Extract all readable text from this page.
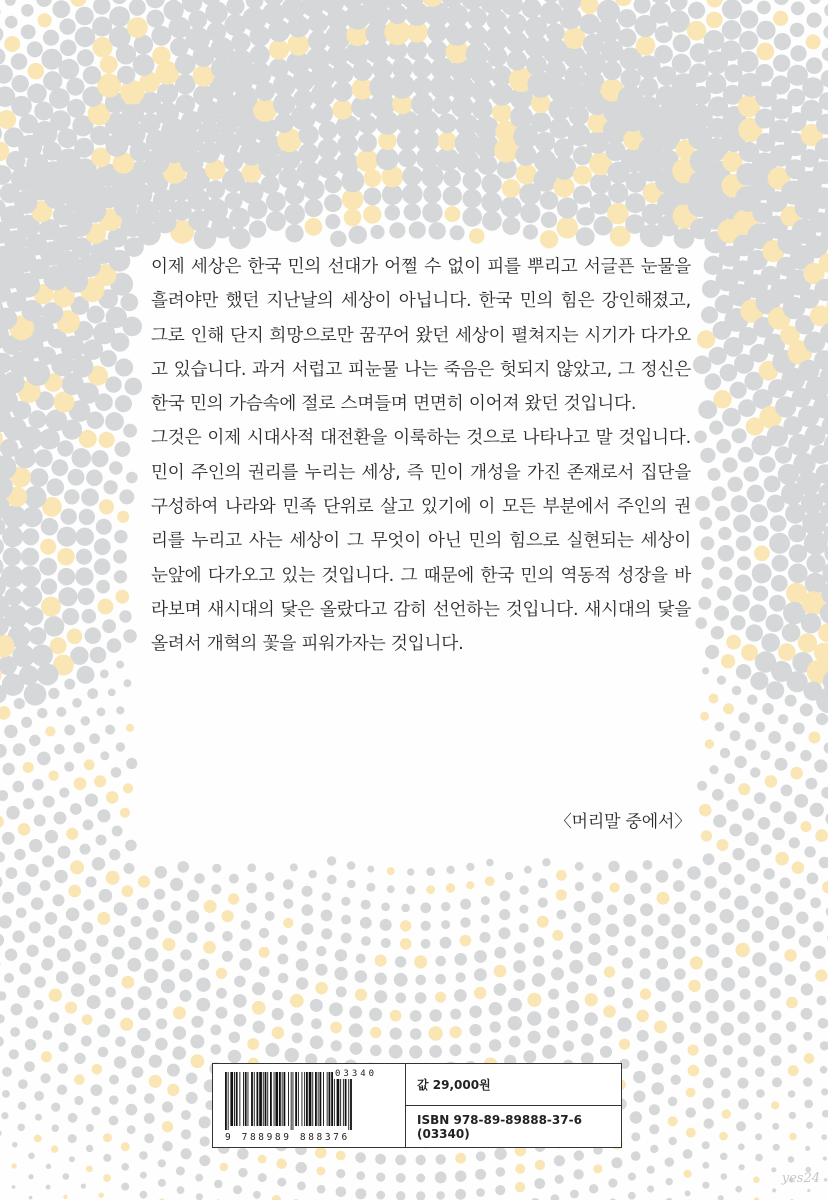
이제 세상은 한국 민의 선대가 어쩔 수 없이 피를 뿌리고 서글픈 눈물을 흘려야만 했던 지난날의 세상이 아닙니다. 한국 민의 힘은 강인해졌고, 그로 인해 단지 희망으로만 꿈꾸어 왔던 세상이 펼쳐지는 시기가 다가오고 있습니다. 과거 서럽고 피눈물 나는 죽음은 헛되지 않았고, 그 정신은 한국 민의 가슴속에 절로 스며들며 면면히 이어져 왔던 것입니다.

그것은 이제 시대사적 대전환을 이룩하는 것으로 나타나고 말 것입니다. 민이 주인의 권리를 누리는 세상, 즉 민이 개성을 가진 존재로서 집단을 구성하여 나라와 민족 단위로 살고 있기에 이 모든 부분에서 주인의 권리를 누리고 사는 세상이 그 무엇이 아닌 민의 힘으로 실현되는 세상이 눈앞에 다가오고 있는 것입니다. 그 때문에 한국 민의 역동적 성장을 바라보며 새시대의 닻은 올랐다고 감히 선언하는 것입니다. 새시대의 닻을 올려서 개혁의 꽃을 피워가자는 것입니다.

〈머리말 중에서〉
03340
9 788989 888376
값 29,000원
ISBN 978-89-89888-37-6 (03340)
yes24
